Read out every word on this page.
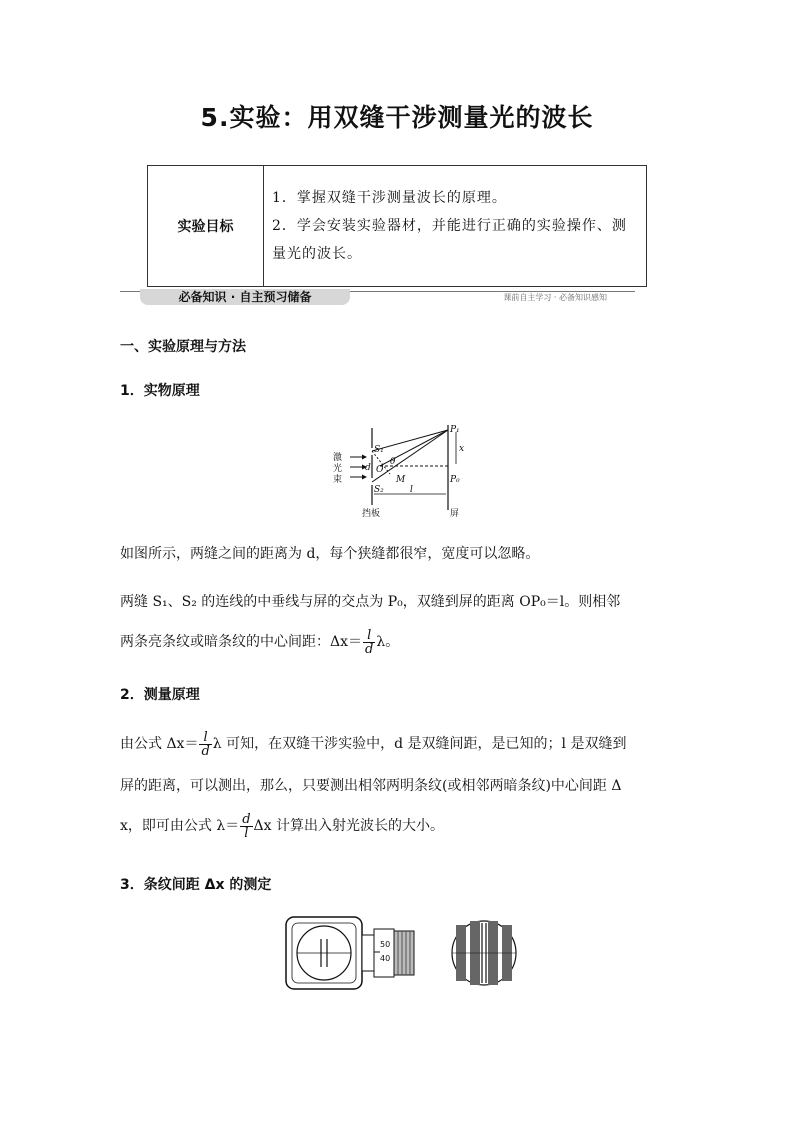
5.实验：用双缝干涉测量光的波长
实验目标	
1．掌握双缝干涉测量波长的原理。
2．学会安装实验器材，并能进行正确的实验操作、测量光的波长。
必备知识 · 自主预习储备	课前自主学习 · 必备知识感知
一、实验原理与方法
1．实物原理
激
光
束
S₁
S₂
d O
θ
M
P₁
P₀
x
l
挡板	屏
如图所示，两缝之间的距离为 d，每个狭缝都很窄，宽度可以忽略。
两缝 S₁、S₂ 的连线的中垂线与屏的交点为 P₀，双缝到屏的距离 OP₀＝l。则相邻
两条亮条纹或暗条纹的中心间距：$\Delta x= \frac{l}{d}$ λ。
2．测量原理
由公式 $\Delta x= \frac{l}{d}$ λ 可知，在双缝干涉实验中，d 是双缝间距，是已知的；l 是双缝到
屏的距离，可以测出，那么，只要测出相邻两明条纹(或相邻两暗条纹)中心间距 Δ
x，即可由公式 $\lambda= \frac{d}{l}$ Δx 计算出入射光波长的大小。
3．条纹间距 Δx 的测定
50
40
